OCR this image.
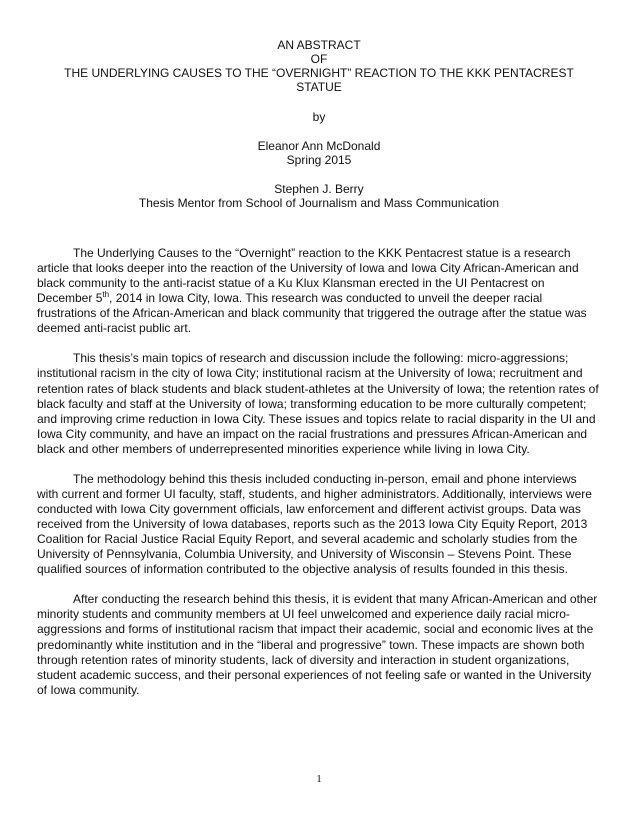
AN ABSTRACT
OF
THE UNDERLYING CAUSES TO THE “OVERNIGHT” REACTION TO THE KKK PENTACREST
STATUE
by
Eleanor Ann McDonald
Spring 2015
Stephen J. Berry
Thesis Mentor from School of Journalism and Mass Communication

The Underlying Causes to the “Overnight” reaction to the KKK Pentacrest statue is a research article that looks deeper into the reaction of the University of Iowa and Iowa City African-American and black community to the anti-racist statue of a Ku Klux Klansman erected in the UI Pentacrest on December 5th, 2014 in Iowa City, Iowa. This research was conducted to unveil the deeper racial frustrations of the African-American and black community that triggered the outrage after the statue was deemed anti-racist public art.

This thesis’s main topics of research and discussion include the following: micro-aggressions; institutional racism in the city of Iowa City; institutional racism at the University of Iowa; recruitment and retention rates of black students and black student-athletes at the University of Iowa; the retention rates of black faculty and staff at the University of Iowa; transforming education to be more culturally competent; and improving crime reduction in Iowa City. These issues and topics relate to racial disparity in the UI and Iowa City community, and have an impact on the racial frustrations and pressures African-American and black and other members of underrepresented minorities experience while living in Iowa City.

The methodology behind this thesis included conducting in-person, email and phone interviews with current and former UI faculty, staff, students, and higher administrators. Additionally, interviews were conducted with Iowa City government officials, law enforcement and different activist groups. Data was received from the University of Iowa databases, reports such as the 2013 Iowa City Equity Report, 2013 Coalition for Racial Justice Racial Equity Report, and several academic and scholarly studies from the University of Pennsylvania, Columbia University, and University of Wisconsin – Stevens Point. These qualified sources of information contributed to the objective analysis of results founded in this thesis.

After conducting the research behind this thesis, it is evident that many African-American and other minority students and community members at UI feel unwelcomed and experience daily racial micro-aggressions and forms of institutional racism that impact their academic, social and economic lives at the predominantly white institution and in the “liberal and progressive” town. These impacts are shown both through retention rates of minority students, lack of diversity and interaction in student organizations, student academic success, and their personal experiences of not feeling safe or wanted in the University of Iowa community.

1
